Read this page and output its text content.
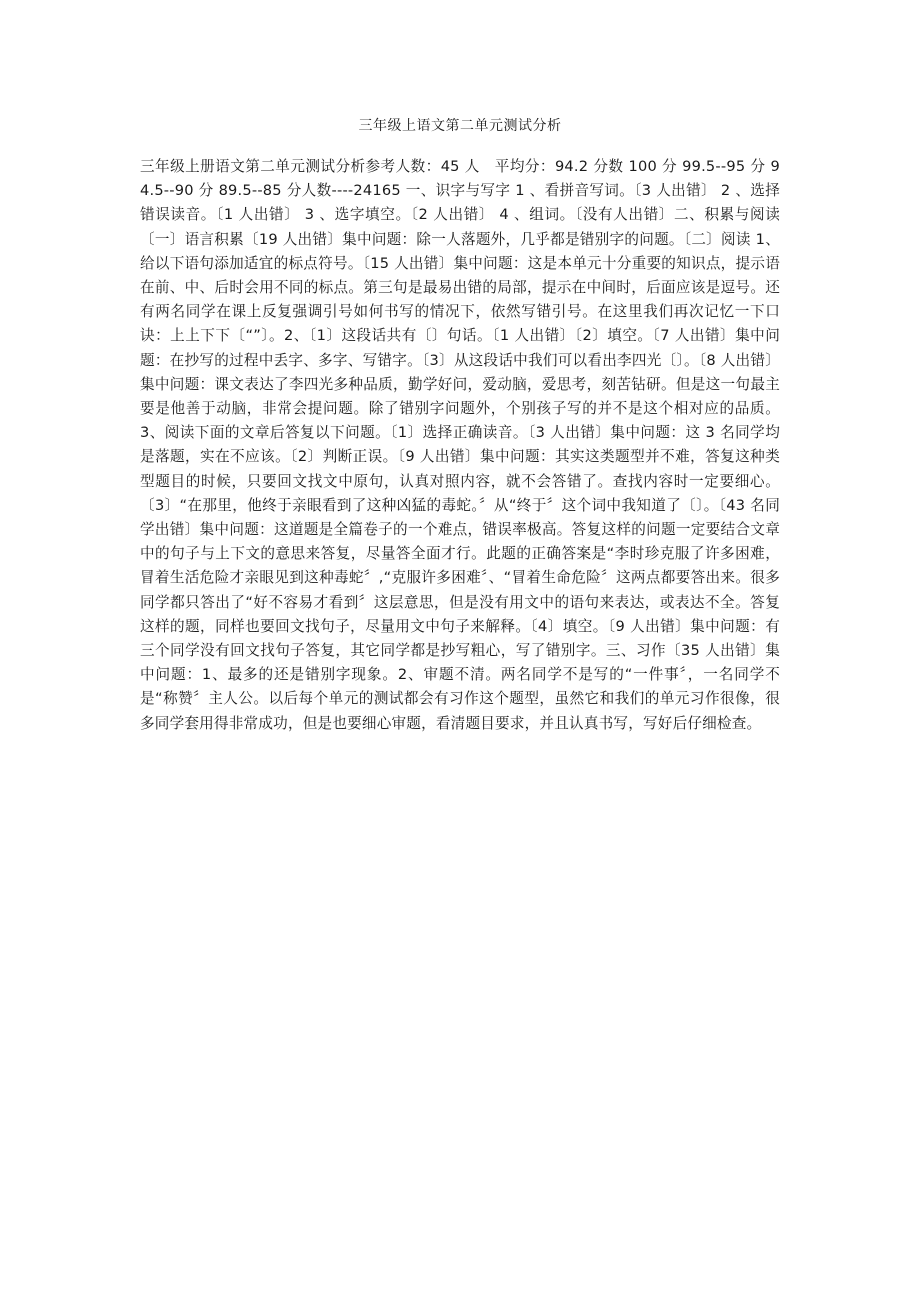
三年级上语文第二单元测试分析
三年级上册语文第二单元测试分析参考人数：45 人　平均分：94.2 分数 100 分 99.5--95 分 94.5--90 分 89.5--85 分人数----24165 一、识字与写字 1 、看拼音写词。〔3 人出错〕 2 、选择错误读音。〔1 人出错〕 3 、选字填空。〔2 人出错〕 4 、组词。〔没有人出错〕二、积累与阅读〔一〕语言积累〔19 人出错〕集中问题：除一人落题外，几乎都是错别字的问题。〔二〕阅读 1、给以下语句添加适宜的标点符号。〔15 人出错〕集中问题：这是本单元十分重要的知识点，提示语在前、中、后时会用不同的标点。第三句是最易出错的局部，提示在中间时，后面应该是逗号。还有两名同学在课上反复强调引号如何书写的情况下，依然写错引号。在这里我们再次记忆一下口诀：上上下下〔“”〕。2、〔1〕这段话共有〔〕句话。〔1 人出错〕〔2〕填空。〔7 人出错〕集中问题：在抄写的过程中丢字、多字、写错字。〔3〕从这段话中我们可以看出李四光〔〕。〔8 人出错〕集中问题：课文表达了李四光多种品质，勤学好问，爱动脑，爱思考，刻苦钻研。但是这一句最主要是他善于动脑，非常会提问题。除了错别字问题外，个别孩子写的并不是这个相对应的品质。3、阅读下面的文章后答复以下问题。〔1〕选择正确读音。〔3 人出错〕集中问题：这 3 名同学均是落题，实在不应该。〔2〕判断正误。〔9 人出错〕集中问题：其实这类题型并不难，答复这种类型题目的时候，只要回文找文中原句，认真对照内容，就不会答错了。查找内容时一定要细心。〔3〕“在那里，他终于亲眼看到了这种凶猛的毒蛇。〞从“终于〞这个词中我知道了〔〕。〔43 名同学出错〕集中问题：这道题是全篇卷子的一个难点，错误率极高。答复这样的问题一定要结合文章中的句子与上下文的意思来答复，尽量答全面才行。此题的正确答案是“李时珍克服了许多困难，冒着生活危险才亲眼见到这种毒蛇〞,“克服许多困难〞、“冒着生命危险〞这两点都要答出来。很多同学都只答出了“好不容易才看到〞这层意思，但是没有用文中的语句来表达，或表达不全。答复这样的题，同样也要回文找句子，尽量用文中句子来解释。〔4〕填空。〔9 人出错〕集中问题：有三个同学没有回文找句子答复，其它同学都是抄写粗心，写了错别字。三、习作〔35 人出错〕集中问题：1、最多的还是错别字现象。2、审题不清。两名同学不是写的“一件事〞，一名同学不是“称赞〞主人公。以后每个单元的测试都会有习作这个题型，虽然它和我们的单元习作很像，很多同学套用得非常成功，但是也要细心审题，看清题目要求，并且认真书写，写好后仔细检查。
